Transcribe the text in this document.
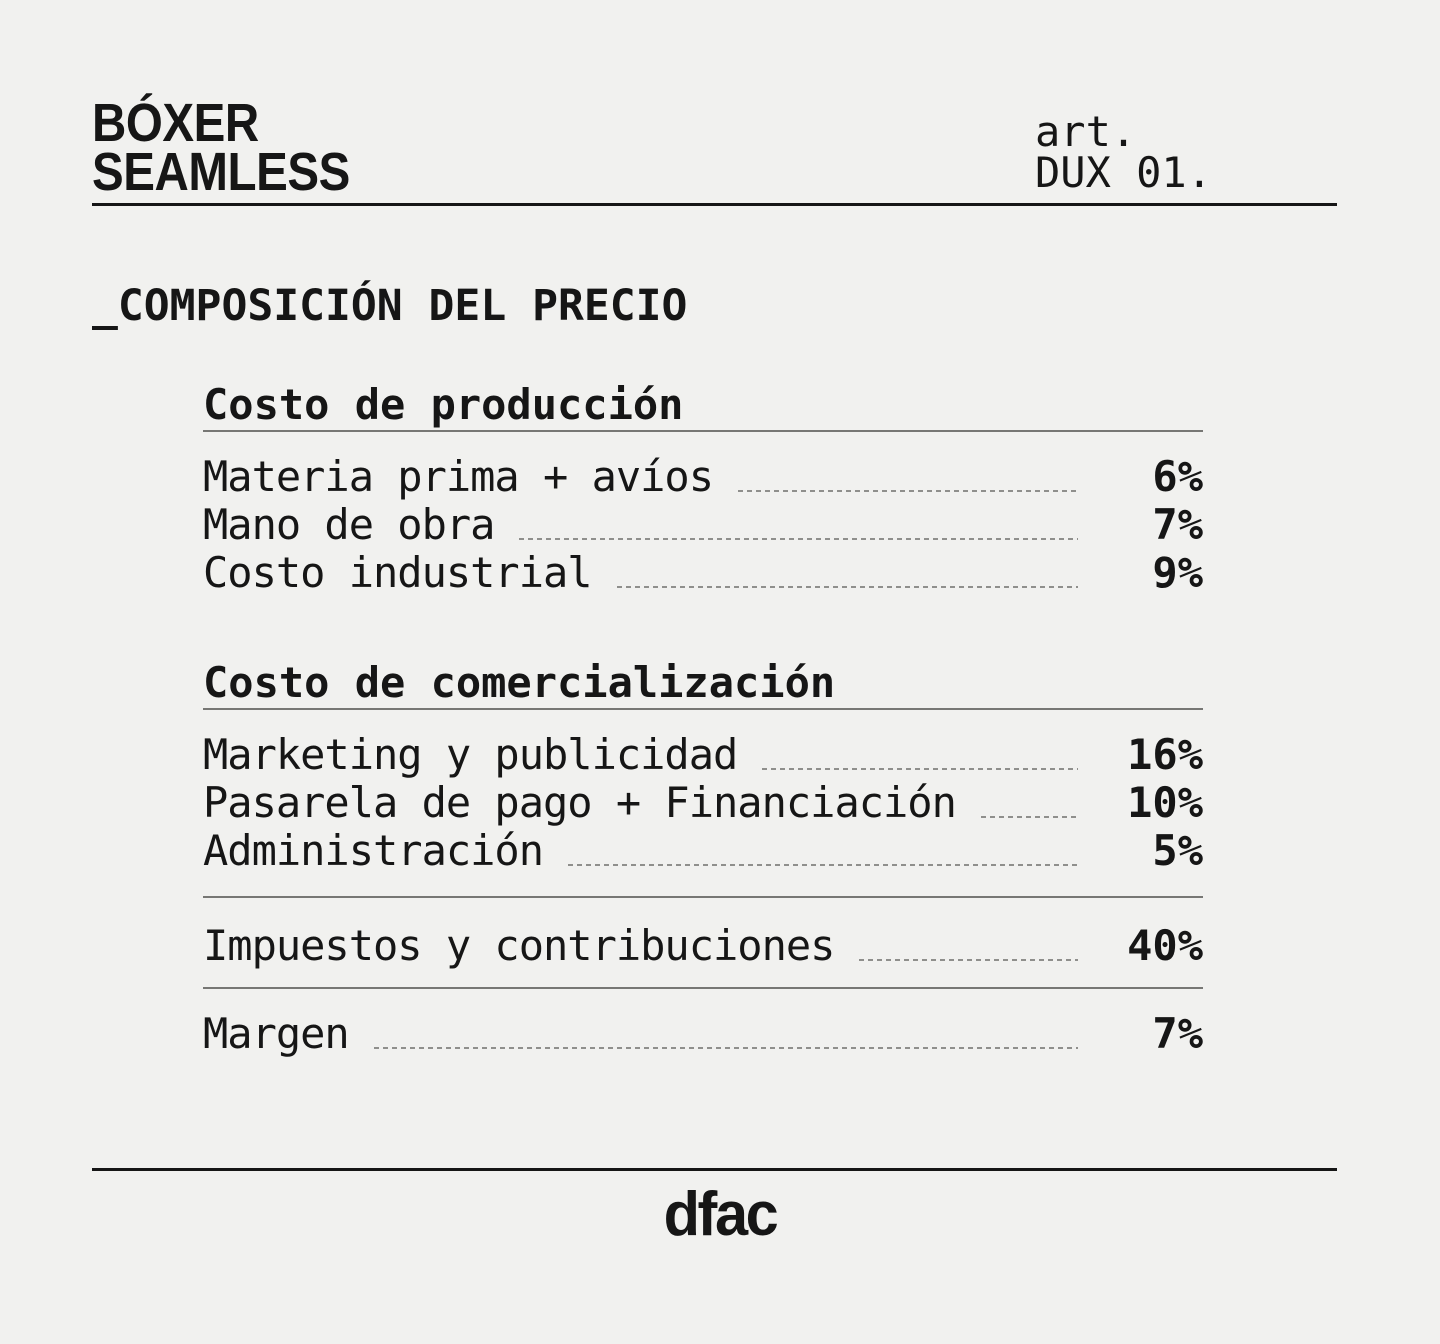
BÓXER
SEAMLESS
art.
DUX 01.
_COMPOSICIÓN DEL PRECIO
Costo de producción
Materia prima + avíos	6%
Mano de obra	7%
Costo industrial	9%
Costo de comercialización
Marketing y publicidad	16%
Pasarela de pago + Financiación	10%
Administración	5%
Impuestos y contribuciones	40%
Margen	7%
dfac
